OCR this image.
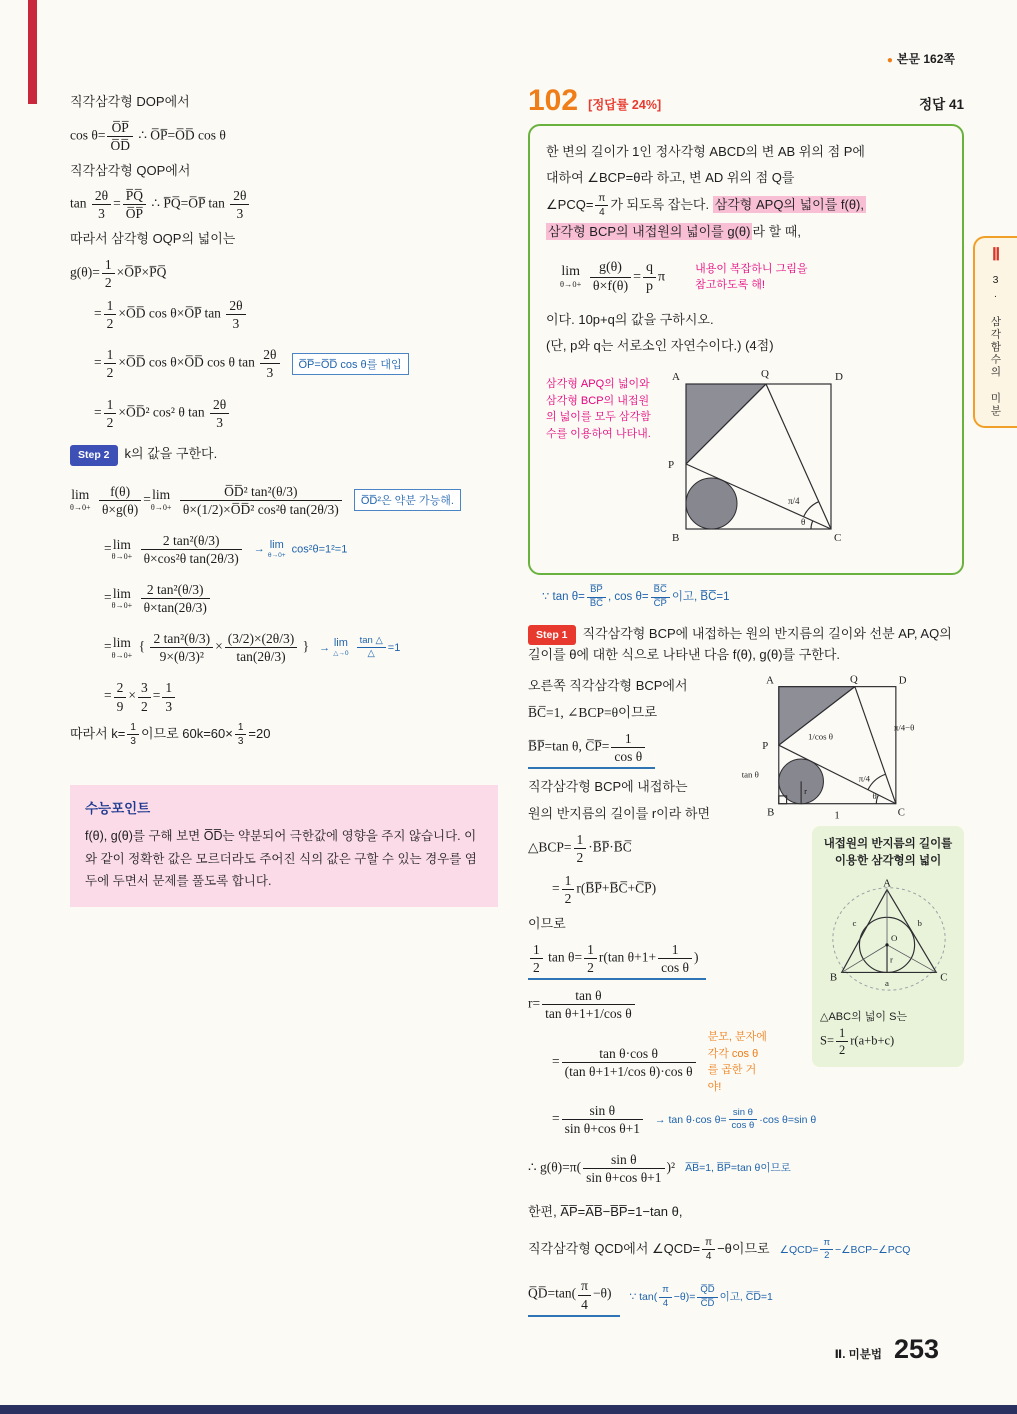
● 본문 162쪽

직각삼각형 DOP에서

$\cos \theta= \frac{O̅P̅}{O̅D̅}$ ∴ O̅P̅=O̅D̅ cos θ

직각삼각형 QOP에서

$\tan \frac{2\theta}{3} = \frac{P̅Q̅}{O̅P̅}$ ∴ P̅Q̅=O̅P̅ $\tan \frac{2\theta}{3}$

따라서 삼각형 OQP의 넓이는

$g(\theta)= \frac{1}{2}$ ×O̅P̅×P̅Q̅

= $\frac{1}{2}$ ×O̅D̅ cos θ×O̅P̅ $\tan \frac{2\theta}{3}$

= $\frac{1}{2}$ ×O̅D̅ cos θ×O̅D̅ cos θ $\tan \frac{2\theta}{3}$	O̅P̅=O̅D̅ cos θ를 대입

= $\frac{1}{2}$ ×O̅D̅² cos² θ $\tan \frac{2\theta}{3}$

Step 2 k의 값을 구한다.

lim
θ→0+
$\frac{f(\theta)}{\theta\times g(\theta)} = \lim$
θ→0+
$\frac{\text{O̅D̅² tan²(θ/3)}}{\text{θ×(1/2)×O̅D̅² cos²θ tan(2θ/3)}}$	O̅D̅²은 약분 가능해.

= lim
θ→0+
$\frac{\text{2 tan²(θ/3)}}{\text{θ×cos²θ tan(2θ/3)}}$	→ lim
θ→0+ cos²θ=1²=1

= lim
θ→0+
$\frac{\text{2 tan²(θ/3)}}{\theta\times\tan(2\theta/3)}$

= lim
θ→0+
{ $\frac{\text{2 tan²(θ/3)}}{\text{9×(θ/3)²}} \times \frac{(3/2)\times(2\theta/3)}{\tan(2\theta/3)}$ } → lim
△→0
$\frac{\tan \triangle}{\triangle} =1$

= $\frac{2}{9} \times \frac{3}{2} = \frac{1}{3}$

따라서 $k= \frac{1}{3}$ 이므로 $60k=60\times \frac{1}{3} =20$

수능포인트

f(θ), g(θ)를 구해 보면 O̅D̅는 약분되어 극한값에 영향을 주지 않습니다. 이와 같이 정확한 값은 모르더라도 주어진 식의 값은 구할 수 있는 경우를 염두에 두면서 문제를 풀도록 합니다.

102 [정답률 24%]	정답 41

한 변의 길이가 1인 정사각형 ABCD의 변 AB 위의 점 P에

대하여 ∠BCP=θ라 하고, 변 AD 위의 점 Q를

∠PCQ= $\frac{\pi}{4}$ 가 되도록 잡는다. 삼각형 APQ의 넓이를 f(θ),

삼각형 BCP의 내접원의 넓이를 g(θ) 라 할 때,

lim
θ→0+
$\frac{g(\theta)}{\theta\times f(\theta)} = \frac{q}{p}$ π
내용이 복잡하니 그림을 참고하도록 해!

이다. 10p+q의 값을 구하시오.

(단, p와 q는 서로소인 자연수이다.) (4점)

삼각형 APQ의 넓이와 삼각형 BCP의 내접원의 넓이를 모두 삼각함수를 이용하여 나타내.
A	Q	D
P
B	C
π/4
θ

∵ $\tan \theta= \frac{B̅P̅}{B̅C̅}$ , $\cos \theta= \frac{B̅C̅}{C̅P̅}$ 이고, B̅C̅=1

Step 1 직각삼각형 BCP에 내접하는 원의 반지름의 길이와 선분 AP, AQ의 길이를 θ에 대한 식으로 나타낸 다음 f(θ), g(θ)를 구한다.

오른쪽 직각삼각형 BCP에서

B̅C̅=1, ∠BCP=θ이므로

B̅P̅=tan θ, C̅P̅= $\frac{1}{\text{cos θ}}$

직각삼각형 BCP에 내접하는

원의 반지름의 길이를 r이라 하면

△BCP= $\frac{1}{2}$ ·B̅P̅·B̅C̅

= $\frac{1}{2}$ r(B̅P̅+B̅C̅+C̅P̅)

이므로

$\frac{1}{2}$ $\tan \theta= \frac{1}{2} r(\tan$ $\theta+1+ \frac{1}{\text{cos θ}}$ )

$r= \frac{\text{tan θ}}{\text{tan θ+1+1/cos θ}}$

= $\frac{\text{tan θ·cos θ}}{\text{(tan θ+1+1/cos θ)·cos θ}}$

분모, 분자에 각각 cos θ를 곱한 거야!

= $\frac{\text{sin θ}}{\text{sin θ+cos θ+1}}$	→ tan θ·cos $\theta= \frac{\text{sin θ}}{\text{cos θ}} \cdot\cos$ θ=sin θ

∴ $g(\theta)=\pi( \frac{\text{sin θ}}{\text{sin θ+cos θ+1}} )^2$ A̅B̅=1, B̅P̅=tan θ이므로

한편, A̅P̅=A̅B̅−B̅P̅=1−tan θ,

직각삼각형 QCD에서 ∠QCD= $\frac{\pi}{4} -\theta$이므로 ∠QCD= $\frac{\pi}{2}$ −∠BCP−∠PCQ

Q̅D̅=tan( $\frac{\pi}{4} -\theta$) ∵ $\tan( \frac{\pi}{4} -\theta)= \frac{Q̅D̅}{C̅D̅}$ 이고, C̅D̅=1
A	Q	D
P
B	C
tan θ
1/cos θ
π/4
π/4−θ
θ
r
1
내접원의 반지름의 길이를
이용한 삼각형의 넓이
A
B	C
O
r
c	b
a

△ABC의 넓이 S는

$S= \frac{1}{2} r(a+b+c)$

Ⅱ
3. 삼각함수의 미분
Ⅱ. 미분법 253
